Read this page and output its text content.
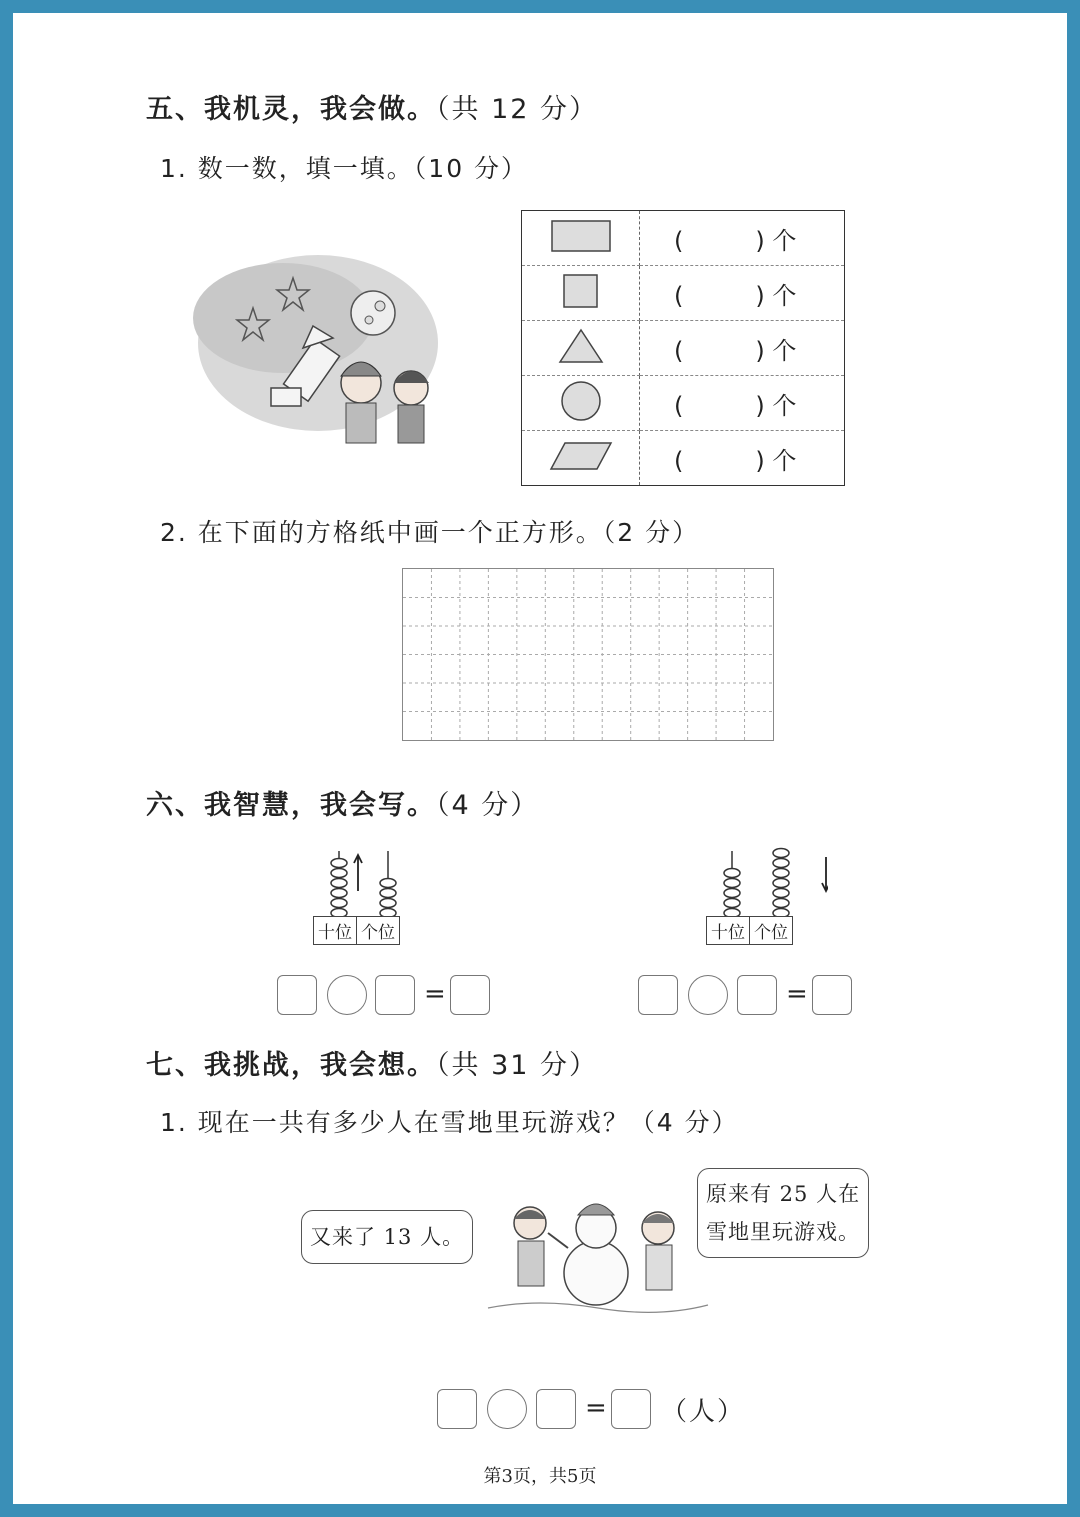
五、我机灵，我会做。（共 12 分）
1. 数一数，填一填。（10 分）
	( ) 个
	( ) 个
	( ) 个
	( ) 个
	( ) 个
2. 在下面的方格纸中画一个正方形。（2 分）
六、我智慧，我会写。（4 分）
十位	个位	十位	个位
=	=
七、我挑战，我会想。（共 31 分）
1. 现在一共有多少人在雪地里玩游戏？（4 分）
又来了 13 人。
原来有 25 人在
雪地里玩游戏。
= （人）
第3页，共5页
